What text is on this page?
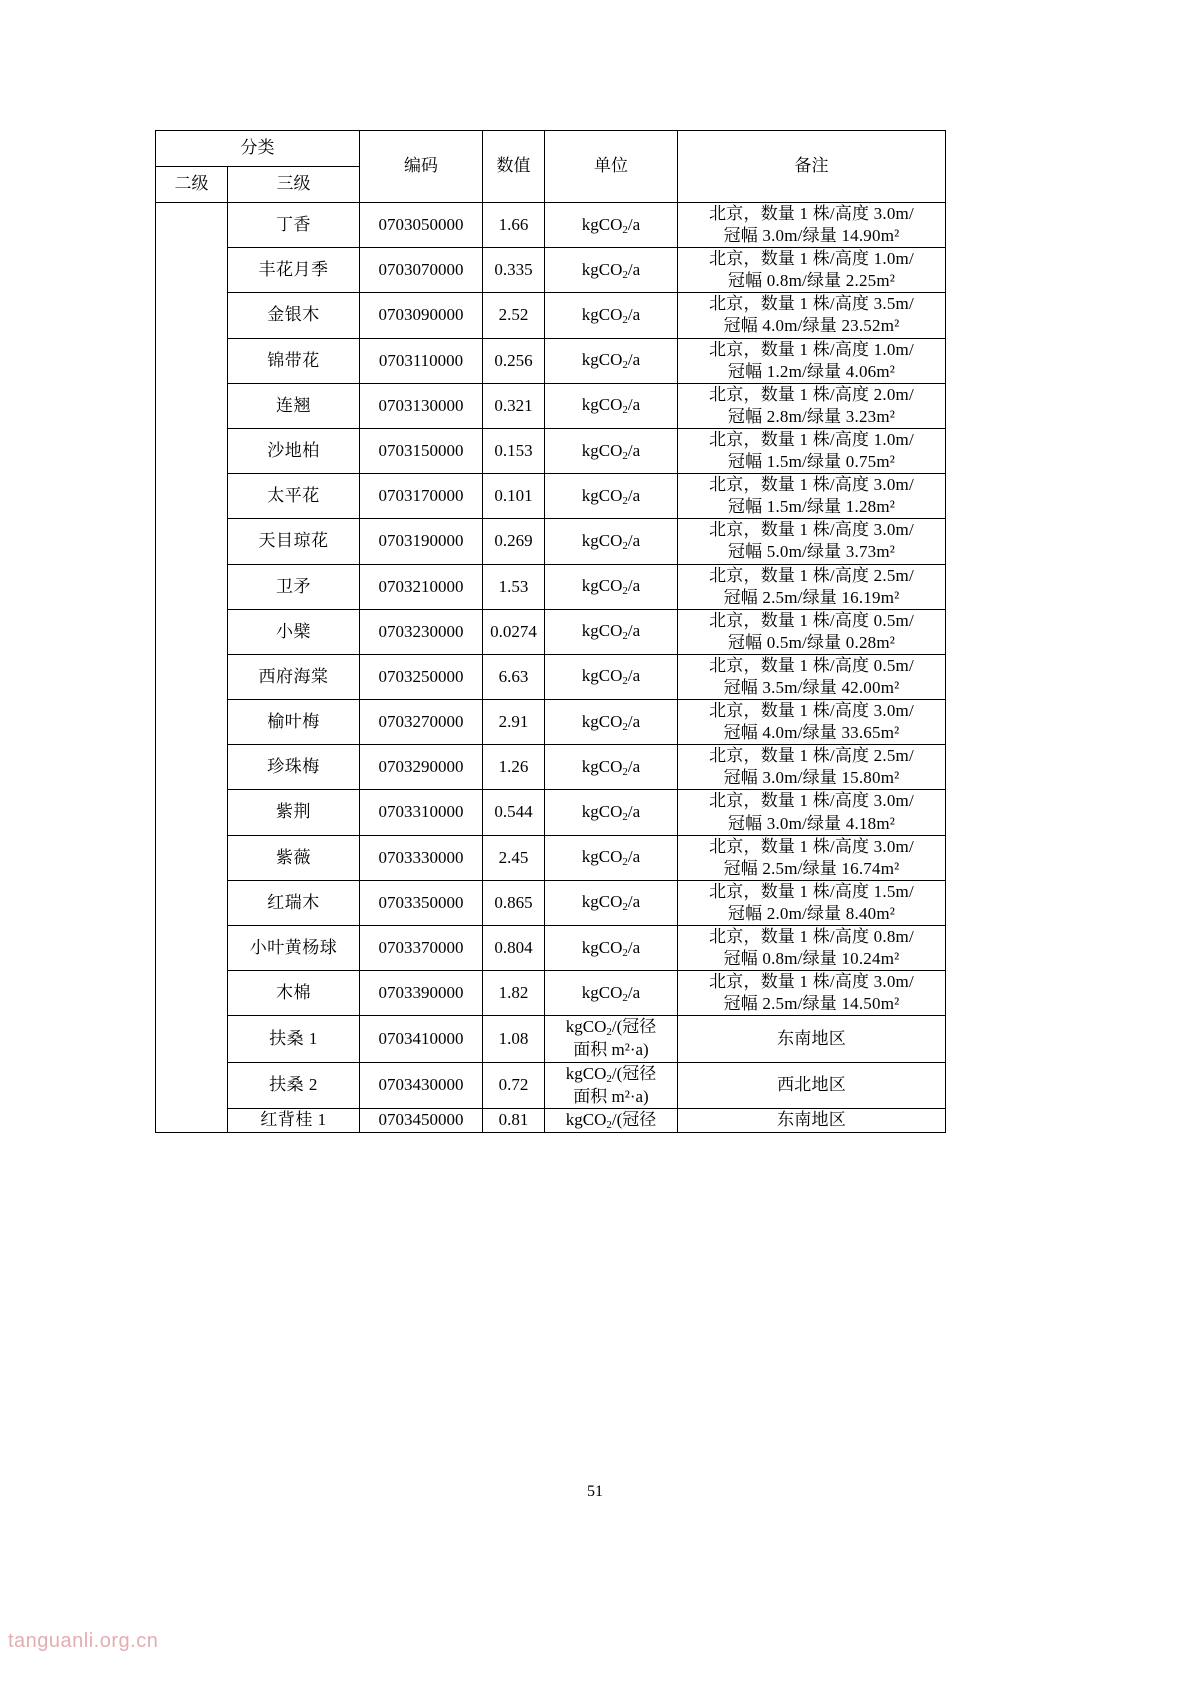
分类		编码	数值	单位	备注
二级	三级				
	丁香	0703050000	1.66	kgCO$_2$/a	北京，数量 1 株/高度 3.0m/
冠幅 3.0m/绿量 14.90m²

	丰花月季	0703070000	0.335	kgCO$_2$/a	北京，数量 1 株/高度 1.0m/
冠幅 0.8m/绿量 2.25m²

	金银木	0703090000	2.52	kgCO$_2$/a	北京，数量 1 株/高度 3.5m/
冠幅 4.0m/绿量 23.52m²

	锦带花	0703110000	0.256	kgCO$_2$/a	北京，数量 1 株/高度 1.0m/
冠幅 1.2m/绿量 4.06m²

	连翘	0703130000	0.321	kgCO$_2$/a	北京，数量 1 株/高度 2.0m/
冠幅 2.8m/绿量 3.23m²

	沙地柏	0703150000	0.153	kgCO$_2$/a	北京，数量 1 株/高度 1.0m/
冠幅 1.5m/绿量 0.75m²

	太平花	0703170000	0.101	kgCO$_2$/a	北京，数量 1 株/高度 3.0m/
冠幅 1.5m/绿量 1.28m²

	天目琼花	0703190000	0.269	kgCO$_2$/a	北京，数量 1 株/高度 3.0m/
冠幅 5.0m/绿量 3.73m²

	卫矛	0703210000	1.53	kgCO$_2$/a	北京，数量 1 株/高度 2.5m/
冠幅 2.5m/绿量 16.19m²

	小檗	0703230000	0.0274	kgCO$_2$/a	北京，数量 1 株/高度 0.5m/
冠幅 0.5m/绿量 0.28m²

	西府海棠	0703250000	6.63	kgCO$_2$/a	北京，数量 1 株/高度 0.5m/
冠幅 3.5m/绿量 42.00m²

	榆叶梅	0703270000	2.91	kgCO$_2$/a	北京，数量 1 株/高度 3.0m/
冠幅 4.0m/绿量 33.65m²

	珍珠梅	0703290000	1.26	kgCO$_2$/a	北京，数量 1 株/高度 2.5m/
冠幅 3.0m/绿量 15.80m²

	紫荆	0703310000	0.544	kgCO$_2$/a	北京，数量 1 株/高度 3.0m/
冠幅 3.0m/绿量 4.18m²

	紫薇	0703330000	2.45	kgCO$_2$/a	北京，数量 1 株/高度 3.0m/
冠幅 2.5m/绿量 16.74m²

	红瑞木	0703350000	0.865	kgCO$_2$/a	北京，数量 1 株/高度 1.5m/
冠幅 2.0m/绿量 8.40m²

	小叶黄杨球	0703370000	0.804	kgCO$_2$/a	北京，数量 1 株/高度 0.8m/
冠幅 0.8m/绿量 10.24m²

	木棉	0703390000	1.82	kgCO$_2$/a	北京，数量 1 株/高度 3.0m/
冠幅 2.5m/绿量 14.50m²

	扶桑 1	0703410000	1.08	kgCO$_2$/(冠径
面积 m²·a)	东南地区
	扶桑 2	0703430000	0.72	kgCO$_2$/(冠径
面积 m²·a)	西北地区
	红背桂 1	0703450000	0.81	kgCO$_2$/(冠径	东南地区
51
tanguanli.org.cn
